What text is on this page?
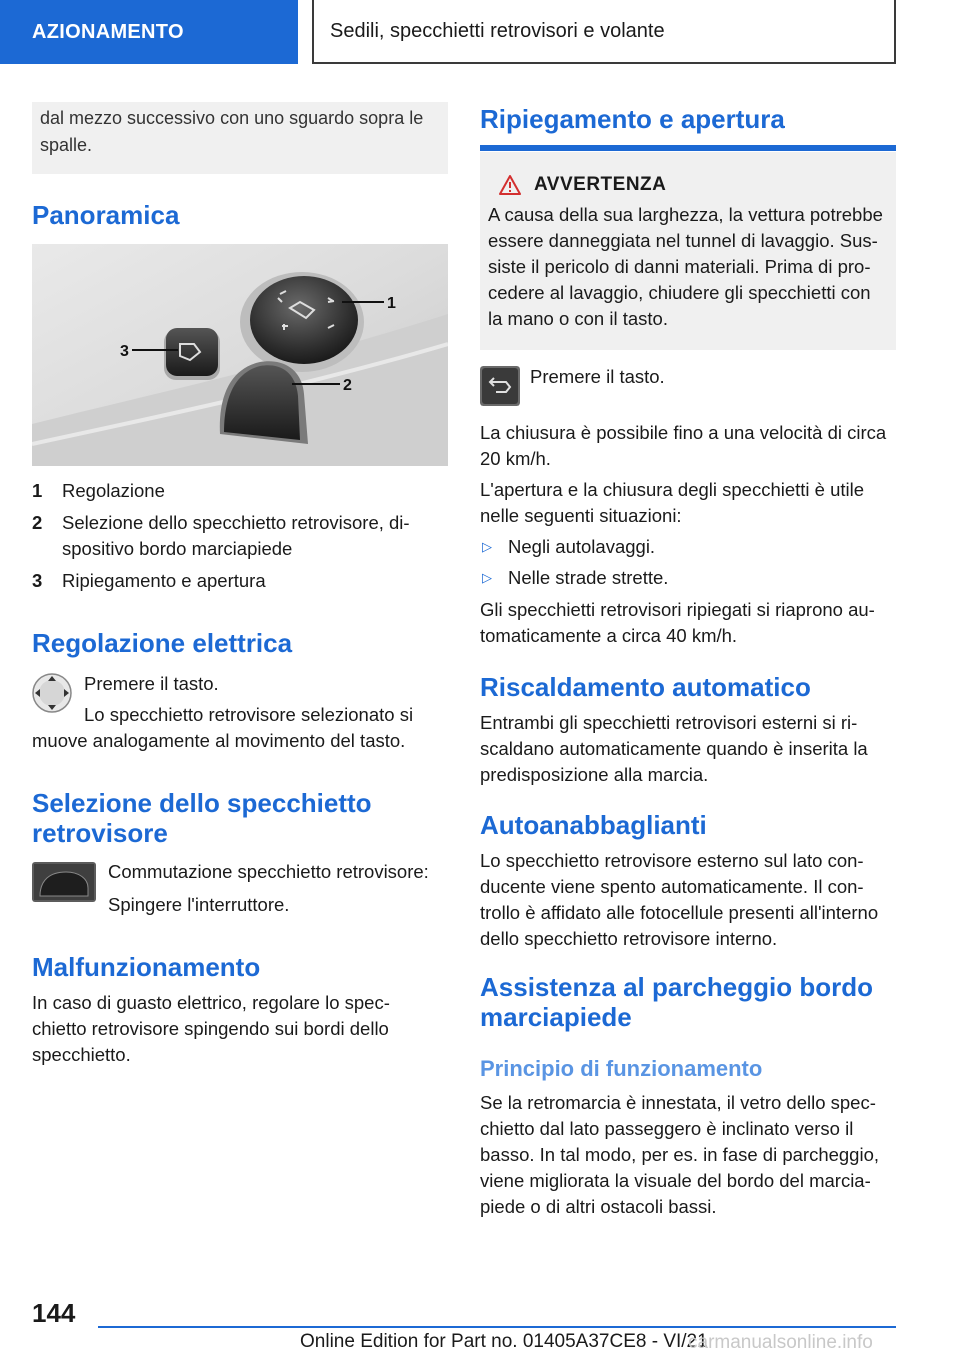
AZIONAMENTO	Sedili, specchietti retrovisori e volante
dal mezzo successivo con uno sguardo sopra le spalle.
Panoramica
1
2
3
1	Regolazione
2	Selezione dello specchietto retrovisore, di-
spositivo bordo marciapiede
3	Ripiegamento e apertura
Regolazione elettrica

Premere il tasto.

Lo specchietto retrovisore selezionato si

muove analogamente al movimento del tasto.

Selezione dello specchietto
retrovisore

Commutazione specchietto retrovisore:

Spingere l'interruttore.

Malfunzionamento

In caso di guasto elettrico, regolare lo spec-

chietto retrovisore spingendo sui bordi dello

specchietto.

Ripiegamento e apertura
AVVERTENZA
A causa della sua larghezza, la vettura potrebbe
essere danneggiata nel tunnel di lavaggio. Sus-
siste il pericolo di danni materiali. Prima di pro-
cedere al lavaggio, chiudere gli specchietti con
la mano o con il tasto.

Premere il tasto.

La chiusura è possibile fino a una velocità di circa

20 km/h.

L'apertura e la chiusura degli specchietti è utile

nelle seguenti situazioni:

▷ Negli autolavaggi.
▷ Nelle strade strette.

Gli specchietti retrovisori ripiegati si riaprono au-

tomaticamente a circa 40 km/h.

Riscaldamento automatico

Entrambi gli specchietti retrovisori esterni si ri-

scaldano automaticamente quando è inserita la

predisposizione alla marcia.

Autoanabbaglianti

Lo specchietto retrovisore esterno sul lato con-

ducente viene spento automaticamente. Il con-

trollo è affidato alle fotocellule presenti all'interno

dello specchietto retrovisore interno.

Assistenza al parcheggio bordo
marciapiede
Principio di funzionamento

Se la retromarcia è innestata, il vetro dello spec-

chietto dal lato passeggero è inclinato verso il

basso. In tal modo, per es. in fase di parcheggio,

viene migliorata la visuale del bordo del marcia-

piede o di altri ostacoli bassi.

144
Online Edition for Part no. 01405A37CE8 - VI/21
carmanualsonline.info
